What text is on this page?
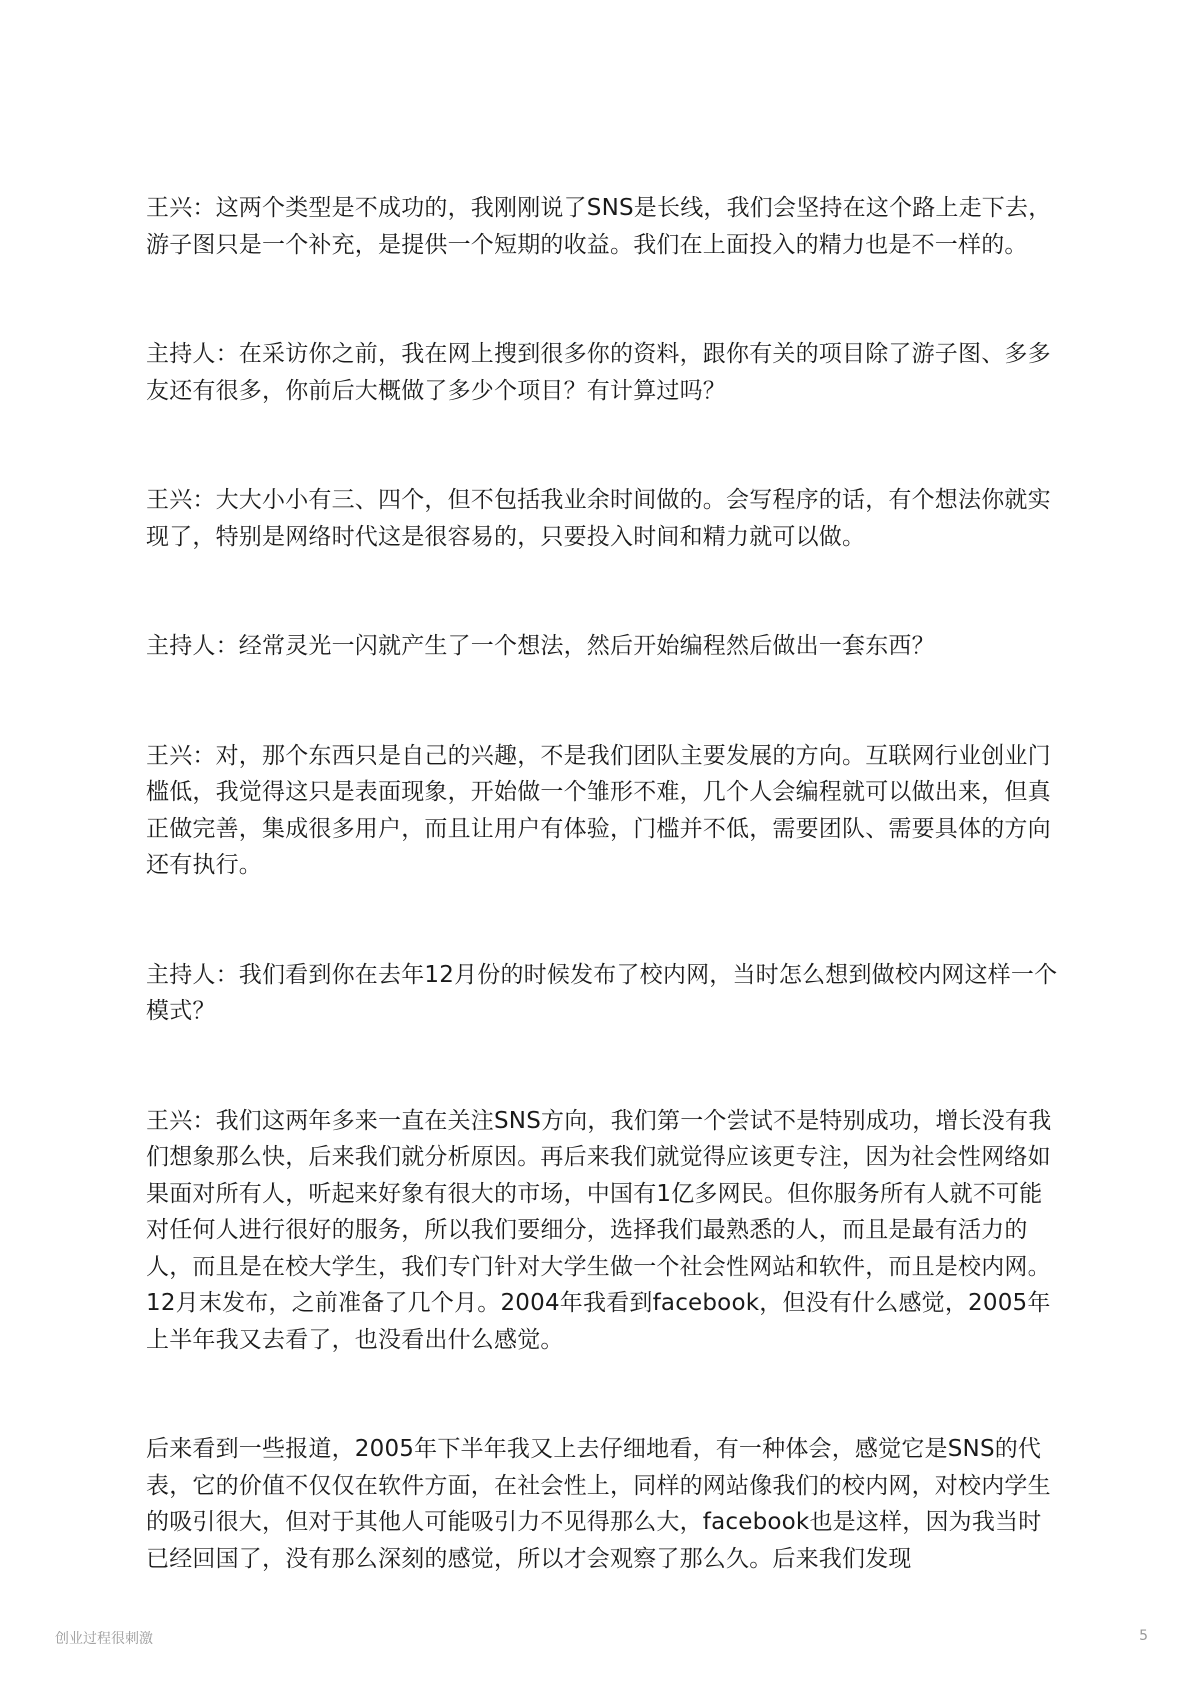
王兴：这两个类型是不成功的，我刚刚说了SNS是长线，我们会坚持在这个路上走下去，游子图只是一个补充，是提供一个短期的收益。我们在上面投入的精力也是不一样的。

主持人：在采访你之前，我在网上搜到很多你的资料，跟你有关的项目除了游子图、多多友还有很多，你前后大概做了多少个项目？有计算过吗？

王兴：大大小小有三、四个，但不包括我业余时间做的。会写程序的话，有个想法你就实现了，特别是网络时代这是很容易的，只要投入时间和精力就可以做。

主持人：经常灵光一闪就产生了一个想法，然后开始编程然后做出一套东西？

王兴：对，那个东西只是自己的兴趣，不是我们团队主要发展的方向。互联网行业创业门槛低，我觉得这只是表面现象，开始做一个雏形不难，几个人会编程就可以做出来，但真正做完善，集成很多用户，而且让用户有体验，门槛并不低，需要团队、需要具体的方向还有执行。

主持人：我们看到你在去年12月份的时候发布了校内网，当时怎么想到做校内网这样一个模式？

王兴：我们这两年多来一直在关注SNS方向，我们第一个尝试不是特别成功，增长没有我们想象那么快，后来我们就分析原因。再后来我们就觉得应该更专注，因为社会性网络如果面对所有人，听起来好象有很大的市场，中国有1亿多网民。但你服务所有人就不可能对任何人进行很好的服务，所以我们要细分，选择我们最熟悉的人，而且是最有活力的人，而且是在校大学生，我们专门针对大学生做一个社会性网站和软件，而且是校内网。12月末发布，之前准备了几个月。2004年我看到facebook，但没有什么感觉，2005年上半年我又去看了，也没看出什么感觉。

后来看到一些报道，2005年下半年我又上去仔细地看，有一种体会，感觉它是SNS的代表，它的价值不仅仅在软件方面，在社会性上，同样的网站像我们的校内网，对校内学生的吸引很大，但对于其他人可能吸引力不见得那么大，facebook也是这样，因为我当时已经回国了，没有那么深刻的感觉，所以才会观察了那么久。后来我们发现

创业过程很刺激	5
